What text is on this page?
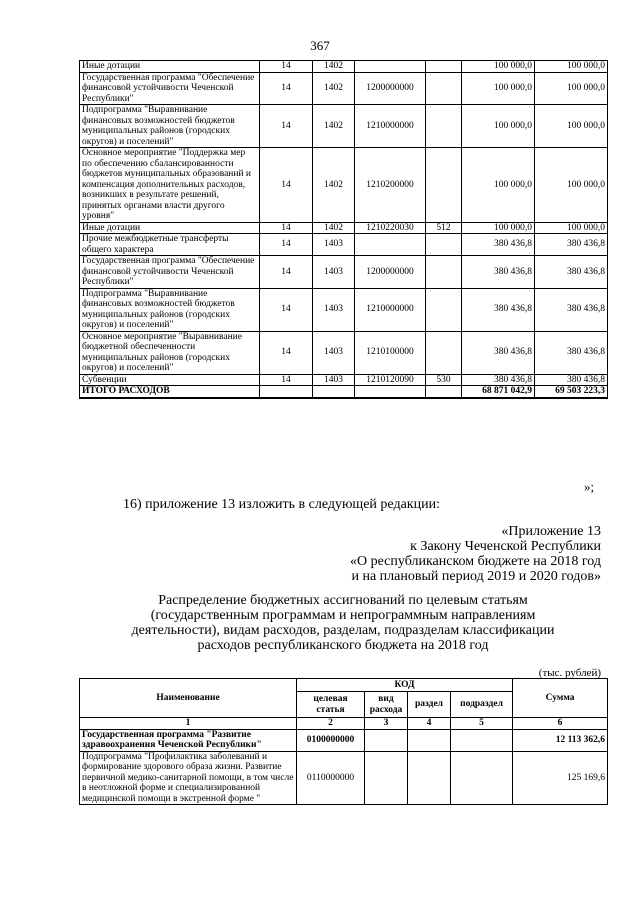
367
Иные дотации	14	1402			100 000,0	100 000,0
Государственная программа "Обеспечение финансовой устойчивости Чеченской Республики"	14	1402	1200000000		100 000,0	100 000,0
Подпрограмма "Выравнивание финансовых возможностей бюджетов муниципальных районов (городских округов) и поселений"	14	1402	1210000000		100 000,0	100 000,0
Основное мероприятие "Поддержка мер по обеспечению сбалансированности бюджетов муниципальных образований и компенсация дополнительных расходов, возникших в результате решений, принятых органами власти другого уровня"	14	1402	1210200000		100 000,0	100 000,0
Иные дотации	14	1402	1210220030	512	100 000,0	100 000,0
Прочие межбюджетные трансферты общего характера	14	1403			380 436,8	380 436,8
Государственная программа "Обеспечение финансовой устойчивости Чеченской Республики"	14	1403	1200000000		380 436,8	380 436,8
Подпрограмма "Выравнивание финансовых возможностей бюджетов муниципальных районов (городских округов) и поселений"	14	1403	1210000000		380 436,8	380 436,8
Основное мероприятие "Выравнивание бюджетной обеспеченности муниципальных районов (городских округов) и поселений"	14	1403	1210100000		380 436,8	380 436,8
Субвенции	14	1403	1210120090	530	380 436,8	380 436,8
ИТОГО РАСХОДОВ					68 871 042,9	69 503 223,3
»;
16) приложение 13 изложить в следующей редакции:
«Приложение 13
к Закону Чеченской Республики
«О республиканском бюджете на 2018 год
и на плановый период 2019 и 2020 годов»
Распределение бюджетных ассигнований по целевым статьям
(государственным программам и непрограммным направлениям
деятельности), видам расходов, разделам, подразделам классификации
расходов республиканского бюджета на 2018 год
(тыс. рублей)
Наименование	КОД				Сумма
	целевая статья	вид расхода	раздел	подраздел	
1	2	3	4	5	6
Государственная программа "Развитие здравоохранения Чеченской Республики"	0100000000				12 113 362,6
Подпрограмма "Профилактика заболеваний и формирование здорового образа жизни. Развитие первичной медико-санитарной помощи, в том числе в неотложной форме и специализированной медицинской помощи в экстренной форме "	0110000000				125 169,6
